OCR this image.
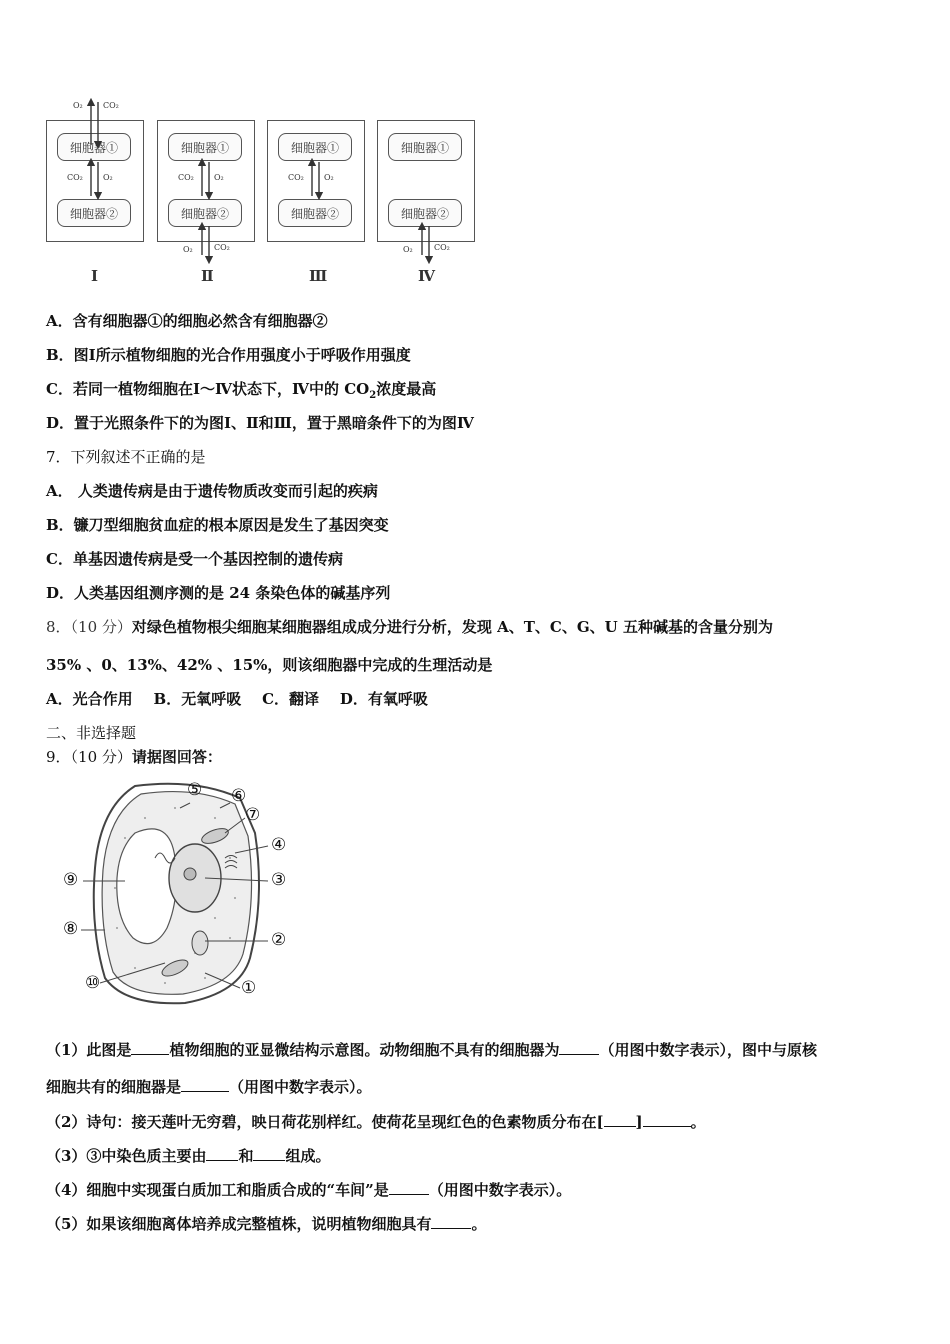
细胞器①
细胞器②
细胞器①
细胞器②
细胞器①
细胞器②
细胞器①
细胞器②
O₂	CO₂
CO₂	O₂	CO₂	O₂
O₂	CO₂
CO₂	O₂
O₂	CO₂
Ⅰ	Ⅱ	Ⅲ	Ⅳ
A．含有细胞器①的细胞必然含有细胞器②
B．图Ⅰ所示植物细胞的光合作用强度小于呼吸作用强度
C．若同一植物细胞在Ⅰ～Ⅳ状态下，Ⅳ中的 $CO_2$浓度最高
D．置于光照条件下的为图Ⅰ、Ⅱ和Ⅲ，置于黑暗条件下的为图Ⅳ
7．下列叙述不正确的是
A． 人类遗传病是由于遗传物质改变而引起的疾病
B．镰刀型细胞贫血症的根本原因是发生了基因突变
C．单基因遗传病是受一个基因控制的遗传病
D．人类基因组测序测的是 24 条染色体的碱基序列
8．（10 分）对绿色植物根尖细胞某细胞器组成成分进行分析，发现 A、T、C、G、U 五种碱基的含量分别为
35% 、0、13%、42% 、15%，则该细胞器中完成的生理活动是
A．光合作用    B．无氧呼吸    C．翻译    D．有氧呼吸
二、非选择题
9．（10 分）请据图回答：
⑤ ⑥
⑦
④
③
⑨
⑧
②
⑩	①
（1）此图是	植物细胞的亚显微结构示意图。动物细胞不具有的细胞器为	（用图中数字表示），图中与原核
细胞共有的细胞器是	（用图中数字表示）。
（2）诗句：接天莲叶无穷碧，映日荷花别样红。使荷花呈现红色的色素物质分布在[ ]	。
（3）③中染色质主要由 和 组成。
（4）细胞中实现蛋白质加工和脂质合成的“车间”是	（用图中数字表示）。
（5）如果该细胞离体培养成完整植株，说明植物细胞具有	。
